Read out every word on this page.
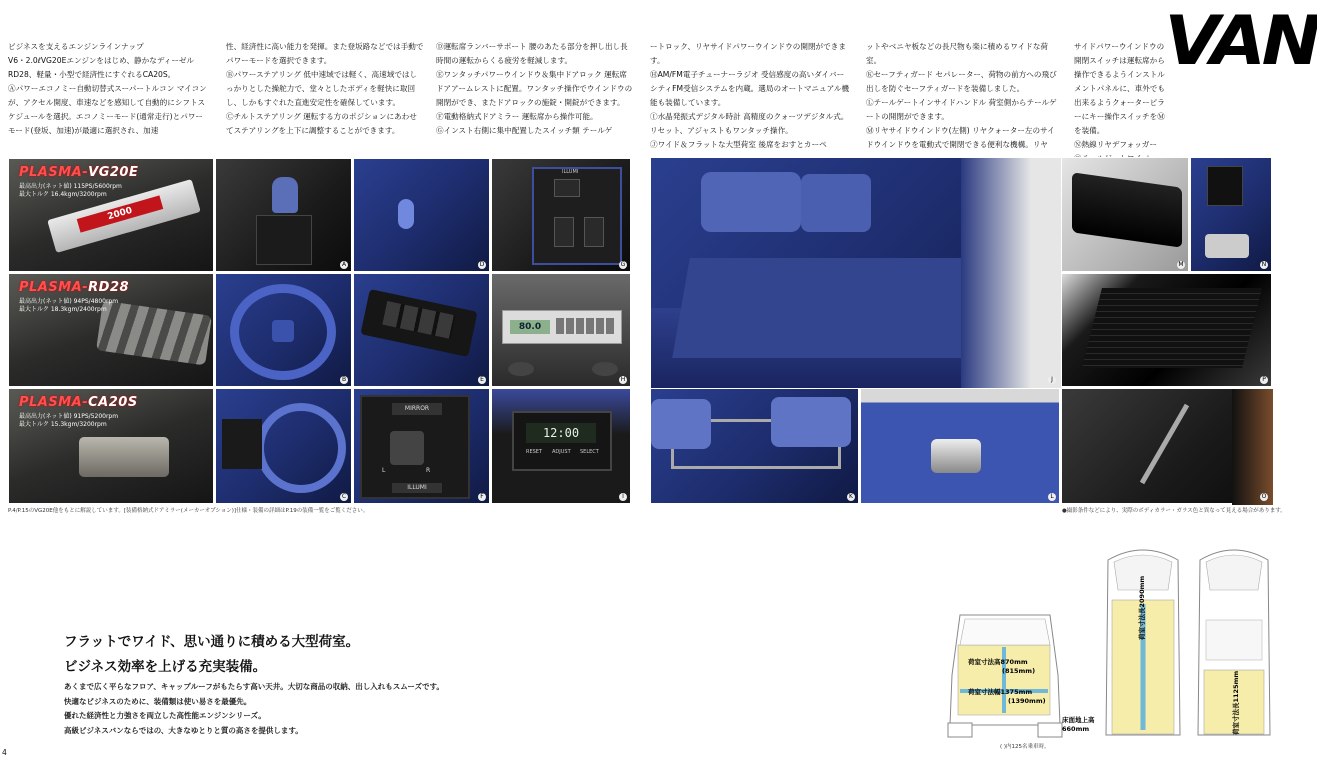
ビジネスを支えるエンジンラインナップ
V6・2.0ℓVG20Eエンジンをはじめ、静かなディーゼルRD28、軽量・小型で経済性にすぐれるCA20S。
Ⓐパワーエコノミー自動切替式スーパートルコン マイコンが、アクセル開度、車速などを感知して自動的にシフトスケジュールを選択。エコノミーモード(通常走行)とパワーモード(登坂、加速)が最適に選択され、加速
性、経済性に高い能力を発揮。また登坂路などでは手動でパワーモードを選択できます。
Ⓑパワーステアリング 低中速域では軽く、高速域ではしっかりとした操舵力で、堂々としたボディを軽快に取回し、しかもすぐれた直進安定性を確保しています。
Ⓒチルトステアリング 運転する方のポジションにあわせてステアリングを上下に調整することができます。
Ⓓ運転席ランバーサポート 腰のあたる部分を押し出し長時間の運転からくる疲労を軽減します。
Ⓔワンタッチパワーウインドウ＆集中ドアロック 運転席ドアアームレストに配置。ワンタッチ操作でウインドウの開閉ができ、またドアロックの施錠・開錠ができます。
Ⓕ電動格納式ドアミラー 運転席から操作可能。
Ⓖインスト右側に集中配置したスイッチ類 テールゲ
ートロック、リヤサイドパワーウインドウの開閉ができます。
ⒽAM/FM電子チューナーラジオ 受信感度の高いダイバーシティFM受信システムを内蔵。選局のオートマニュアル機能も装備しています。
Ⓘ水晶発振式デジタル時計 高精度のクォーツデジタル式。リセット、アジャストもワンタッチ操作。
Ⓙワイド＆フラットな大型荷室 後席をおすとカーペ
ットやベニヤ板などの長尺物も楽に積めるワイドな荷室。
Ⓚセーフティガード セパレーター、荷物の前方への飛び出しを防ぐセーフティガードを装備しました。
Ⓛテールゲートインサイドハンドル 荷室側からテールゲートの開閉ができます。
Ⓜリヤサイドウインドウ(左側) リヤクォーター左のサイドウインドウを電動式で開閉できる便利な機構。リヤ
サイドパワーウインドウの開閉スイッチは運転席から操作できるようインストルメントパネルに、車外でも出来るようクォーターピラーにキー操作スイッチをⓂを装備。
Ⓝ熱線リヤデフォッガー

VAN
2000
PLASMA-VG20E
最高出力(ネット値) 115PS/5600rpm
最大トルク 16.4kgm/3200rpm
PLASMA-RD28
最高出力(ネット値) 94PS/4800rpm
最大トルク 18.3kgm/2400rpm
PLASMA-CA20S
最高出力(ネット値) 91PS/5200rpm
最大トルク 15.3kgm/3200rpm
A
B
C
D
E
MIRROR
L	R
ILLUMI
F
ILLUMI
G
80.0
H
12:00
RESET ADJUST SELECT
I
P.4/P.15のVG20E他をもとに解説しています。[装備格納式ドアミラー(メーカーオプション)]仕様・装備の詳細はP.19の装備一覧をご覧ください。
J
M	N
P
K	L	O
●撮影条件などにより、実際のボディカラー・ガラス色と異なって見える場合があります。
フラットでワイド、思い通りに積める大型荷室。
ビジネス効率を上げる充実装備。
あくまで広く平らなフロア、キャップルーフがもたらす高い天井。大切な商品の収納、出し入れもスムーズです。
快適なビジネスのために、装備類は使い易さを最優先。
優れた経済性と力強さを両立した高性能エンジンシリーズ。
高級ビジネスバンならではの、大きなゆとりと質の高さを提供します。
4
荷室寸法高870mm
(815mm)
荷室寸法幅1375mm
(1390mm)
床面地上高
660mm
( )内125名乗車時。
荷室寸法長2090mm
荷室寸法長1125mm
